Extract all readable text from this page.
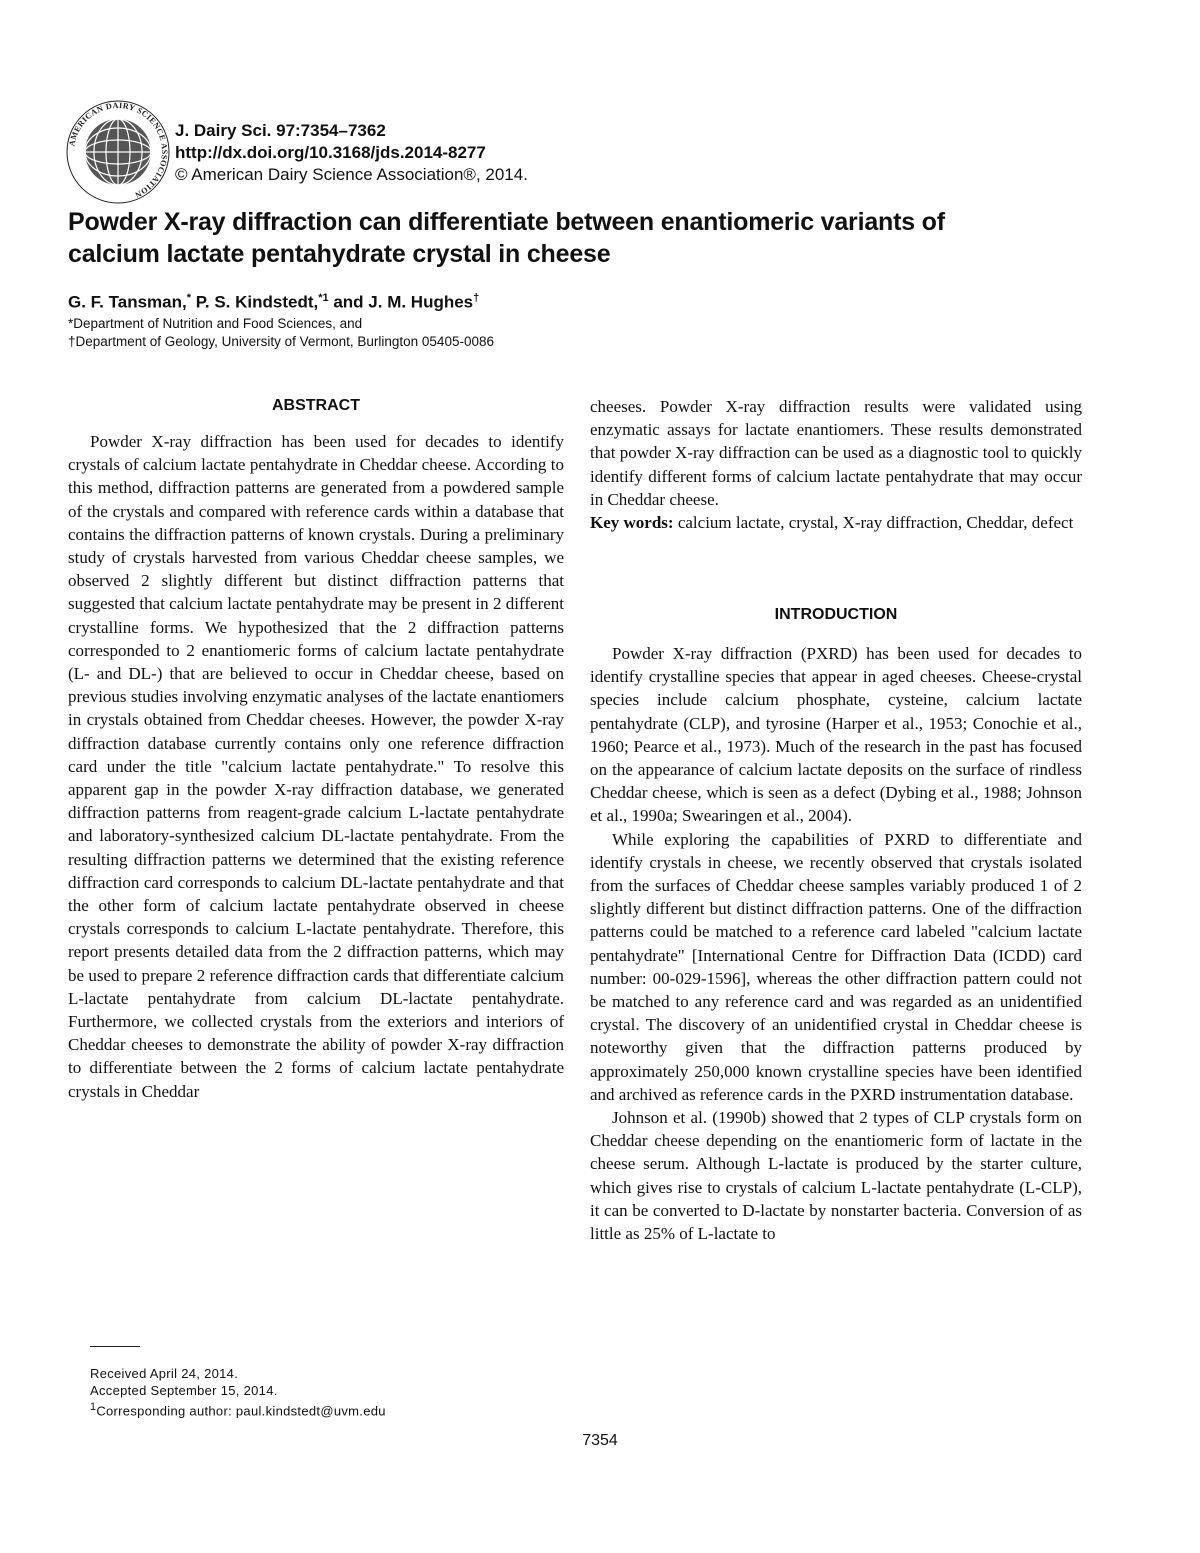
AMERICAN DAIRY SCIENCE ASSOCIATION
J. Dairy Sci. 97:7354–7362
http://dx.doi.org/10.3168/jds.2014-8277
© American Dairy Science Association®, 2014.
Powder X-ray diffraction can differentiate between enantiomeric variants of calcium lactate pentahydrate crystal in cheese
G. F. Tansman,* P. S. Kindstedt,$^{*1}$ and J. M. Hughes†
*Department of Nutrition and Food Sciences, and
†Department of Geology, University of Vermont, Burlington 05405-0086
ABSTRACT

Powder X-ray diffraction has been used for decades to identify crystals of calcium lactate pentahydrate in Cheddar cheese. According to this method, diffraction patterns are generated from a powdered sample of the crystals and compared with reference cards within a database that contains the diffraction patterns of known crystals. During a preliminary study of crystals harvested from various Cheddar cheese samples, we observed 2 slightly different but distinct diffraction patterns that suggested that calcium lactate pentahydrate may be present in 2 different crystalline forms. We hypothesized that the 2 diffraction patterns corresponded to 2 enantiomeric forms of calcium lactate pentahydrate (L- and DL-) that are believed to occur in Cheddar cheese, based on previous studies involving enzymatic analyses of the lactate enantiomers in crystals obtained from Cheddar cheeses. However, the powder X-ray diffraction database currently contains only one reference diffraction card under the title "calcium lactate pentahydrate." To resolve this apparent gap in the powder X-ray diffraction database, we generated diffraction patterns from reagent-grade calcium L-lactate pentahydrate and laboratory-synthesized calcium DL-lactate pentahydrate. From the resulting diffraction patterns we determined that the existing reference diffraction card corresponds to calcium DL-lactate pentahydrate and that the other form of calcium lactate pentahydrate observed in cheese crystals corresponds to calcium L-lactate pentahydrate. Therefore, this report presents detailed data from the 2 diffraction patterns, which may be used to prepare 2 reference diffraction cards that differentiate calcium L-lactate pentahydrate from calcium DL-lactate pentahydrate. Furthermore, we collected crystals from the exteriors and interiors of Cheddar cheeses to demonstrate the ability of powder X-ray diffraction to differentiate between the 2 forms of calcium lactate pentahydrate crystals in Cheddar

cheeses. Powder X-ray diffraction results were validated using enzymatic assays for lactate enantiomers. These results demonstrated that powder X-ray diffraction can be used as a diagnostic tool to quickly identify different forms of calcium lactate pentahydrate that may occur in Cheddar cheese.

Key words: calcium lactate, crystal, X-ray diffraction, Cheddar, defect

INTRODUCTION

Powder X-ray diffraction (PXRD) has been used for decades to identify crystalline species that appear in aged cheeses. Cheese-crystal species include calcium phosphate, cysteine, calcium lactate pentahydrate (CLP), and tyrosine (Harper et al., 1953; Conochie et al., 1960; Pearce et al., 1973). Much of the research in the past has focused on the appearance of calcium lactate deposits on the surface of rindless Cheddar cheese, which is seen as a defect (Dybing et al., 1988; Johnson et al., 1990a; Swearingen et al., 2004).

While exploring the capabilities of PXRD to differentiate and identify crystals in cheese, we recently observed that crystals isolated from the surfaces of Cheddar cheese samples variably produced 1 of 2 slightly different but distinct diffraction patterns. One of the diffraction patterns could be matched to a reference card labeled "calcium lactate pentahydrate" [International Centre for Diffraction Data (ICDD) card number: 00-029-1596], whereas the other diffraction pattern could not be matched to any reference card and was regarded as an unidentified crystal. The discovery of an unidentified crystal in Cheddar cheese is noteworthy given that the diffraction patterns produced by approximately 250,000 known crystalline species have been identified and archived as reference cards in the PXRD instrumentation database.

Johnson et al. (1990b) showed that 2 types of CLP crystals form on Cheddar cheese depending on the enantiomeric form of lactate in the cheese serum. Although L-lactate is produced by the starter culture, which gives rise to crystals of calcium L-lactate pentahydrate (L-CLP), it can be converted to D-lactate by nonstarter bacteria. Conversion of as little as 25% of L-lactate to

Received April 24, 2014.
Accepted September 15, 2014.
$^1$Corresponding author: paul.kindstedt@uvm.edu
7354
